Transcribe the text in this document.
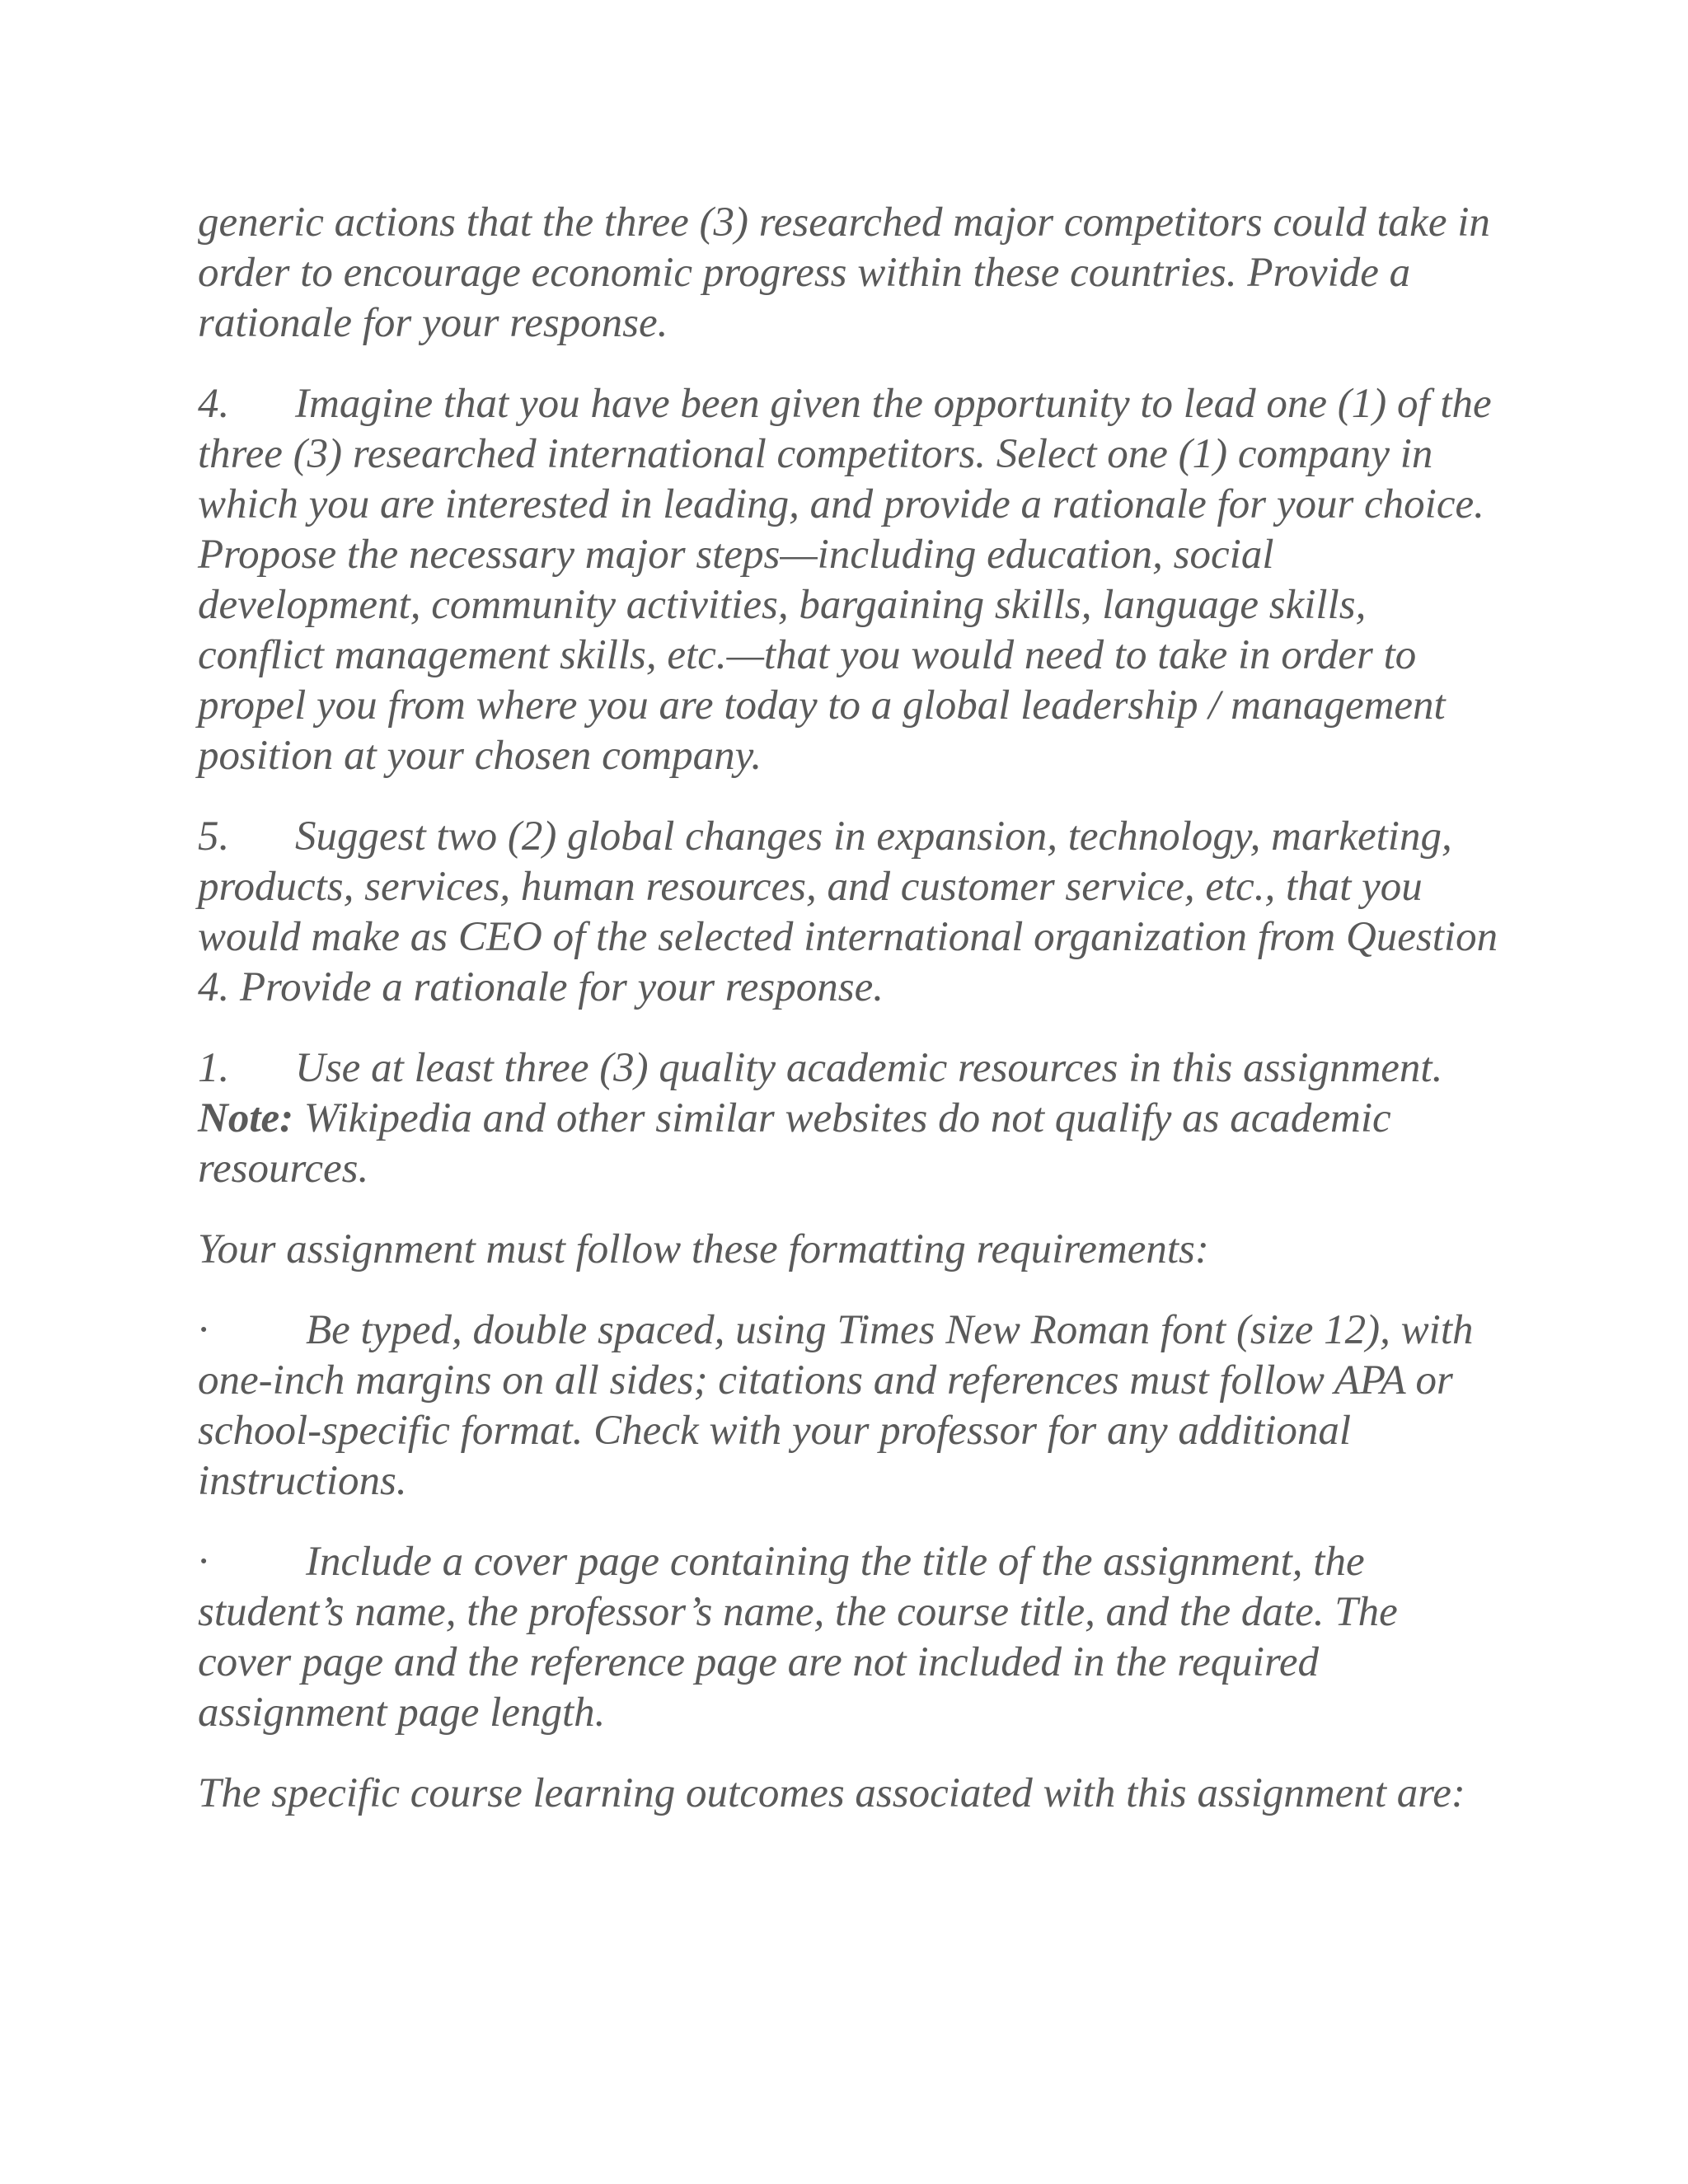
generic actions that the three (3) researched major competitors could take in order to encourage economic progress within these countries. Provide a rationale for your response.

4. Imagine that you have been given the opportunity to lead one (1) of the three (3) researched international competitors. Select one (1) company in which you are interested in leading, and provide a rationale for your choice. Propose the necessary major steps—including education, social development, community activities, bargaining skills, language skills, conflict management skills, etc.—that you would need to take in order to propel you from where you are today to a global leadership / management position at your chosen company.

5. Suggest two (2) global changes in expansion, technology, marketing, products, services, human resources, and customer service, etc., that you would make as CEO of the selected international organization from Question 4. Provide a rationale for your response.

1. Use at least three (3) quality academic resources in this assignment. Note: Wikipedia and other similar websites do not qualify as academic resources.

Your assignment must follow these formatting requirements:

· Be typed, double spaced, using Times New Roman font (size 12), with one-inch margins on all sides; citations and references must follow APA or school-specific format. Check with your professor for any additional instructions.

· Include a cover page containing the title of the assignment, the student’s name, the professor’s name, the course title, and the date. The cover page and the reference page are not included in the required assignment page length.

The specific course learning outcomes associated with this assignment are:
